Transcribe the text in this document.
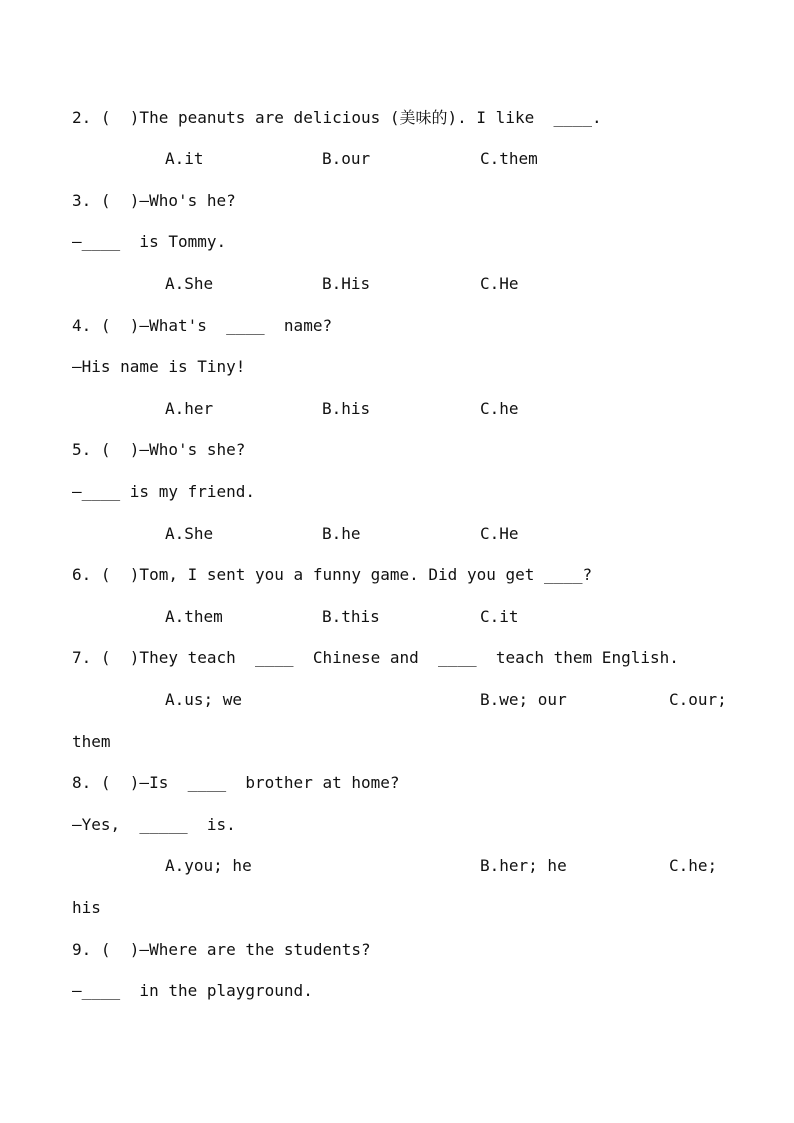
2. (  )The peanuts are delicious (美味的). I like  ____.
A.it	B.our	C.them
3. (  )—Who's he?
—____  is Tommy.
A.She	B.His	C.He
4. (  )—What's  ____  name?
—His name is Tiny!
A.her	B.his	C.he
5. (  )—Who's she?
—____ is my friend.
A.She	B.he	C.He
6. (  )Tom, I sent you a funny game. Did you get ____?
A.them	B.this	C.it
7. (  )They teach  ____  Chinese and  ____  teach them English.
A.us; we	B.we; our	C.our;
them
8. (  )—Is  ____  brother at home?
—Yes,  _____  is.
A.you; he	B.her; he	C.he;
his
9. (  )—Where are the students?
—____  in the playground.
